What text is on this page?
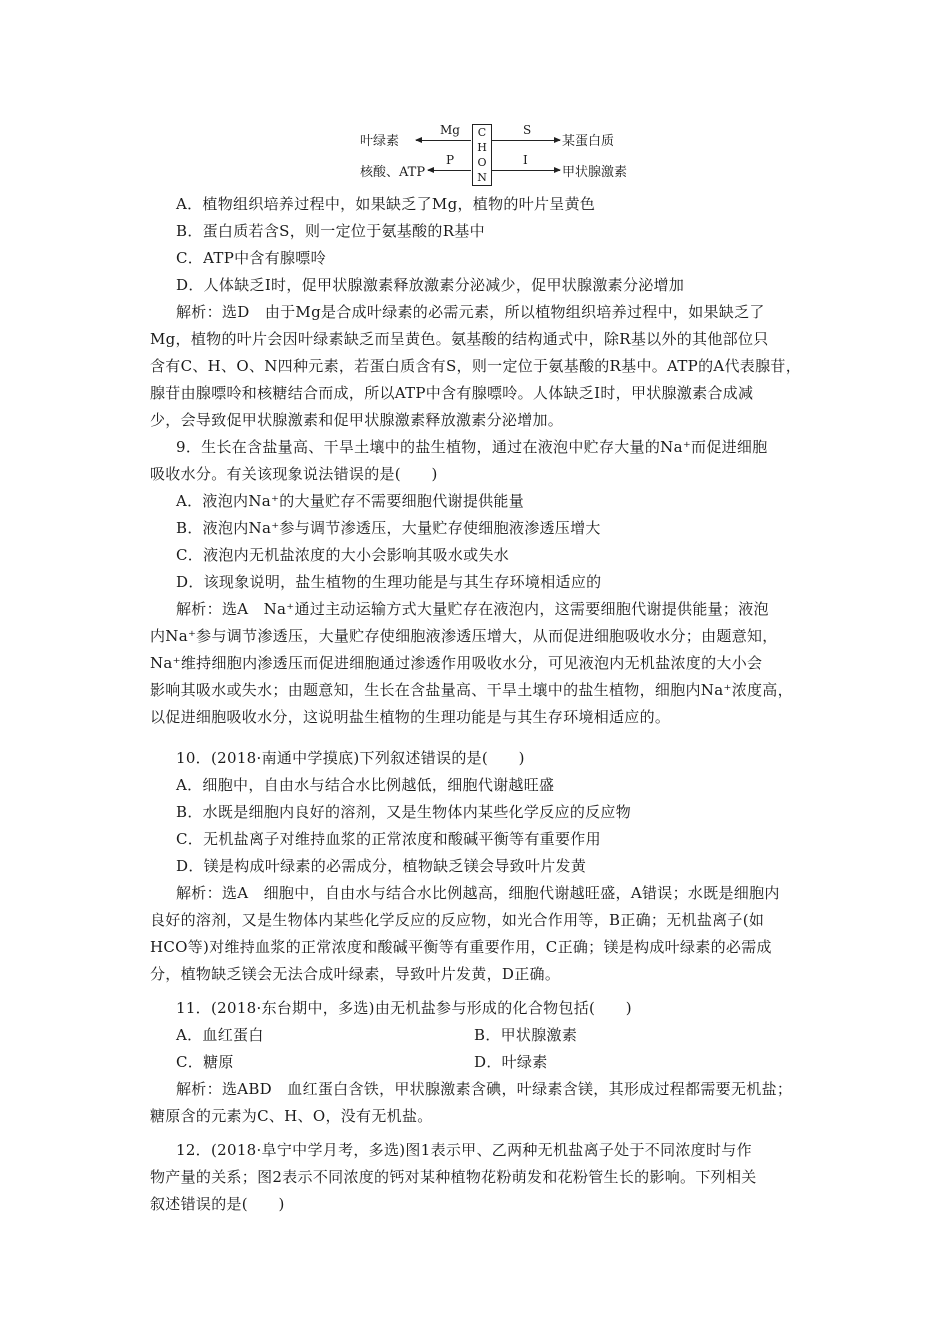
叶绿素
Mg
核酸、ATP
P
C
H
O
N
S
某蛋白质
I
甲状腺激素
A．植物组织培养过程中，如果缺乏了Mg，植物的叶片呈黄色
B．蛋白质若含S，则一定位于氨基酸的R基中
C．ATP中含有腺嘌呤
D．人体缺乏I时，促甲状腺激素释放激素分泌减少，促甲状腺激素分泌增加
解析：选D　由于Mg是合成叶绿素的必需元素，所以植物组织培养过程中，如果缺乏了
Mg，植物的叶片会因叶绿素缺乏而呈黄色。氨基酸的结构通式中，除R基以外的其他部位只
含有C、H、O、N四种元素，若蛋白质含有S，则一定位于氨基酸的R基中。ATP的A代表腺苷，
腺苷由腺嘌呤和核糖结合而成，所以ATP中含有腺嘌呤。人体缺乏I时，甲状腺激素合成减
少，会导致促甲状腺激素和促甲状腺激素释放激素分泌增加。
9．生长在含盐量高、干旱土壤中的盐生植物，通过在液泡中贮存大量的Na⁺而促进细胞
吸收水分。有关该现象说法错误的是(　　)
A．液泡内Na⁺的大量贮存不需要细胞代谢提供能量
B．液泡内Na⁺参与调节渗透压，大量贮存使细胞液渗透压增大
C．液泡内无机盐浓度的大小会影响其吸水或失水
D．该现象说明，盐生植物的生理功能是与其生存环境相适应的
解析：选A　Na⁺通过主动运输方式大量贮存在液泡内，这需要细胞代谢提供能量；液泡
内Na⁺参与调节渗透压，大量贮存使细胞液渗透压增大，从而促进细胞吸收水分；由题意知，
Na⁺维持细胞内渗透压而促进细胞通过渗透作用吸收水分，可见液泡内无机盐浓度的大小会
影响其吸水或失水；由题意知，生长在含盐量高、干旱土壤中的盐生植物，细胞内Na⁺浓度高，
以促进细胞吸收水分，这说明盐生植物的生理功能是与其生存环境相适应的。
10．(2018·南通中学摸底)下列叙述错误的是(　　)
A．细胞中，自由水与结合水比例越低，细胞代谢越旺盛
B．水既是细胞内良好的溶剂，又是生物体内某些化学反应的反应物
C．无机盐离子对维持血浆的正常浓度和酸碱平衡等有重要作用
D．镁是构成叶绿素的必需成分，植物缺乏镁会导致叶片发黄
解析：选A　细胞中，自由水与结合水比例越高，细胞代谢越旺盛，A错误；水既是细胞内
良好的溶剂，又是生物体内某些化学反应的反应物，如光合作用等，B正确；无机盐离子(如
HCO等)对维持血浆的正常浓度和酸碱平衡等有重要作用，C正确；镁是构成叶绿素的必需成
分，植物缺乏镁会无法合成叶绿素，导致叶片发黄，D正确。
11．(2018·东台期中，多选)由无机盐参与形成的化合物包括(　　)
A．血红蛋白	B．甲状腺激素
C．糖原	D．叶绿素
解析：选ABD　血红蛋白含铁，甲状腺激素含碘，叶绿素含镁，其形成过程都需要无机盐；
糖原含的元素为C、H、O，没有无机盐。
12．(2018·阜宁中学月考，多选)图1表示甲、乙两种无机盐离子处于不同浓度时与作
物产量的关系；图2表示不同浓度的钙对某种植物花粉萌发和花粉管生长的影响。下列相关
叙述错误的是(　　)
